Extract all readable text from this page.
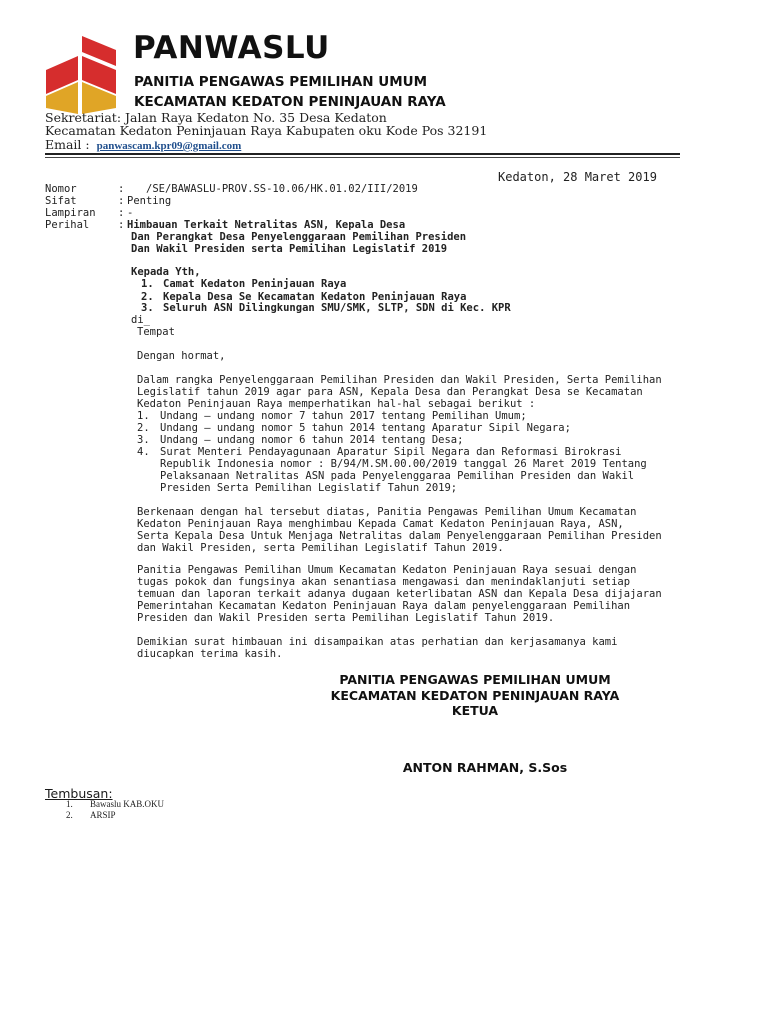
PANWASLU
PANITIA PENGAWAS PEMILIHAN UMUM
KECAMATAN KEDATON PENINJAUAN RAYA
Sekretariat: Jalan Raya Kedaton No. 35 Desa Kedaton
Kecamatan Kedaton Peninjauan Raya Kabupaten oku Kode Pos 32191
Email : panwascam.kpr09@gmail.com
Kedaton, 28 Maret 2019
Nomor	: /SE/BAWASLU-PROV.SS-10.06/HK.01.02/III/2019
Sifat	: Penting
Lampiran : -
Perihal	: Himbauan Terkait Netralitas ASN, Kepala Desa
Dan Perangkat Desa Penyelenggaraan Pemilihan Presiden
Dan Wakil Presiden serta Pemilihan Legislatif 2019
Kepada Yth,
1. Camat Kedaton Peninjauan Raya
2. Kepala Desa Se Kecamatan Kedaton Peninjauan Raya
3. Seluruh ASN Dilingkungan SMU/SMK, SLTP, SDN di Kec. KPR
di_
Tempat
Dengan hormat,
Dalam rangka Penyelenggaraan Pemilihan Presiden dan Wakil Presiden, Serta Pemilihan
Legislatif tahun 2019 agar para ASN, Kepala Desa dan Perangkat Desa se Kecamatan
Kedaton Peninjauan Raya memperhatikan hal-hal sebagai berikut :
1. Undang – undang nomor 7 tahun 2017 tentang Pemilihan Umum;
2. Undang – undang nomor 5 tahun 2014 tentang Aparatur Sipil Negara;
3. Undang – undang nomor 6 tahun 2014 tentang Desa;
4. Surat Menteri Pendayagunaan Aparatur Sipil Negara dan Reformasi Birokrasi
Republik Indonesia nomor : B/94/M.SM.00.00/2019 tanggal 26 Maret 2019 Tentang
Pelaksanaan Netralitas ASN pada Penyelenggaraa Pemilihan Presiden dan Wakil
Presiden Serta Pemilihan Legislatif Tahun 2019;
Berkenaan dengan hal tersebut diatas, Panitia Pengawas Pemilihan Umum Kecamatan
Kedaton Peninjauan Raya menghimbau Kepada Camat Kedaton Peninjauan Raya, ASN,
Serta Kepala Desa Untuk Menjaga Netralitas dalam Penyelenggaraan Pemilihan Presiden
dan Wakil Presiden, serta Pemilihan Legislatif Tahun 2019.
Panitia Pengawas Pemilihan Umum Kecamatan Kedaton Peninjauan Raya sesuai dengan
tugas pokok dan fungsinya akan senantiasa mengawasi dan menindaklanjuti setiap
temuan dan laporan terkait adanya dugaan keterlibatan ASN dan Kepala Desa dijajaran
Pemerintahan Kecamatan Kedaton Peninjauan Raya dalam penyelenggaraan Pemilihan
Presiden dan Wakil Presiden serta Pemilihan Legislatif Tahun 2019.
Demikian surat himbauan ini disampaikan atas perhatian dan kerjasamanya kami
diucapkan terima kasih.
PANITIA PENGAWAS PEMILIHAN UMUM
KECAMATAN KEDATON PENINJAUAN RAYA
KETUA
ANTON RAHMAN, S.Sos
Tembusan:
1. Bawaslu KAB.OKU
2. ARSIP
